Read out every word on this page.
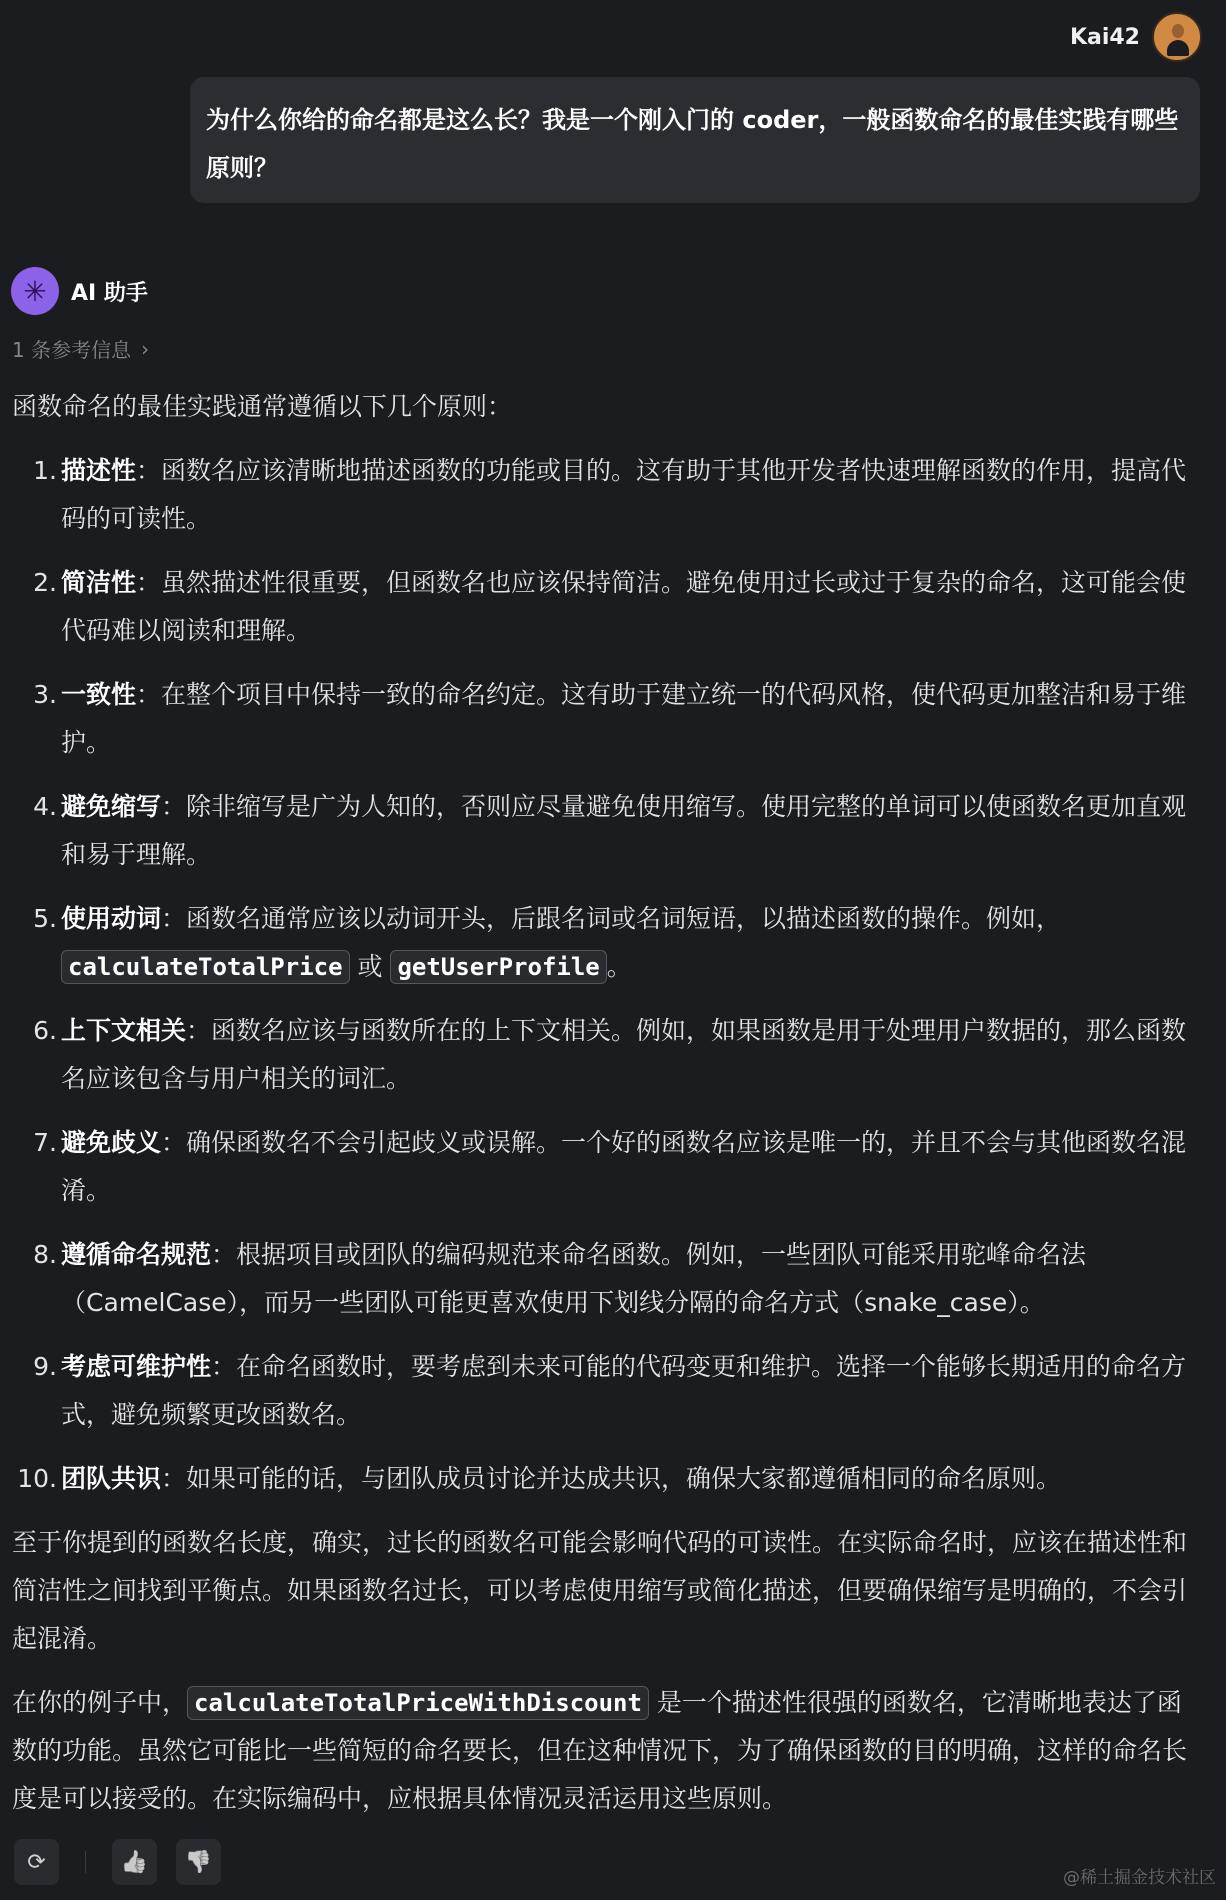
Kai42
为什么你给的命名都是这么长？我是一个刚入门的 coder，一般函数命名的最佳实践有哪些原则？
✳	AI 助手
1 条参考信息 ›

函数命名的最佳实践通常遵循以下几个原则：

1. 描述性：函数名应该清晰地描述函数的功能或目的。这有助于其他开发者快速理解函数的作用，提高代码的可读性。
2. 简洁性：虽然描述性很重要，但函数名也应该保持简洁。避免使用过长或过于复杂的命名，这可能会使代码难以阅读和理解。
3. 一致性：在整个项目中保持一致的命名约定。这有助于建立统一的代码风格，使代码更加整洁和易于维护。
4. 避免缩写：除非缩写是广为人知的，否则应尽量避免使用缩写。使用完整的单词可以使函数名更加直观和易于理解。
5. 使用动词：函数名通常应该以动词开头，后跟名词或名词短语，以描述函数的操作。例如，calculateTotalPrice 或 getUserProfile 。
6. 上下文相关：函数名应该与函数所在的上下文相关。例如，如果函数是用于处理用户数据的，那么函数名应该包含与用户相关的词汇。
7. 避免歧义：确保函数名不会引起歧义或误解。一个好的函数名应该是唯一的，并且不会与其他函数名混淆。
8. 遵循命名规范：根据项目或团队的编码规范来命名函数。例如，一些团队可能采用驼峰命名法（CamelCase），而另一些团队可能更喜欢使用下划线分隔的命名方式（snake_case）。
9. 考虑可维护性：在命名函数时，要考虑到未来可能的代码变更和维护。选择一个能够长期适用的命名方式，避免频繁更改函数名。
10. 团队共识：如果可能的话，与团队成员讨论并达成共识，确保大家都遵循相同的命名原则。

至于你提到的函数名长度，确实，过长的函数名可能会影响代码的可读性。在实际命名时，应该在描述性和简洁性之间找到平衡点。如果函数名过长，可以考虑使用缩写或简化描述，但要确保缩写是明确的，不会引起混淆。

在你的例子中， calculateTotalPriceWithDiscount 是一个描述性很强的函数名，它清晰地表达了函数的功能。虽然它可能比一些简短的命名要长，但在这种情况下，为了确保函数的目的明确，这样的命名长度是可以接受的。在实际编码中，应根据具体情况灵活运用这些原则。

⟳	👍 👎
@稀土掘金技术社区
